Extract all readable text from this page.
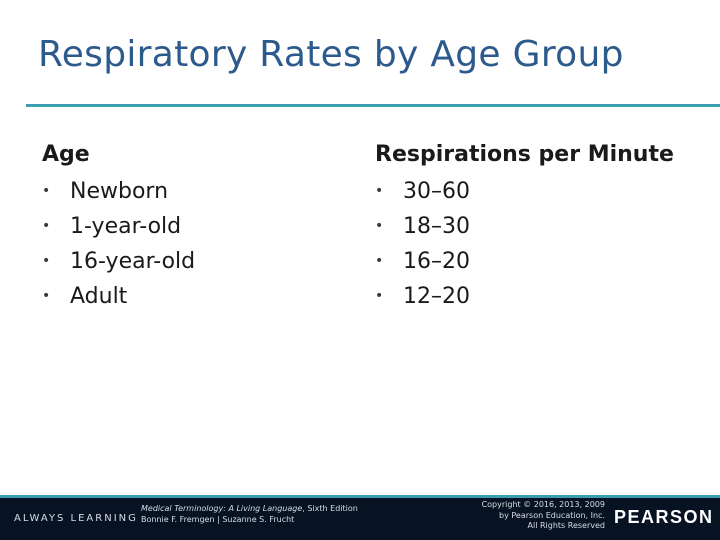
Respiratory Rates by Age Group
Age
• Newborn
• 1-year-old
• 16-year-old
• Adult
Respirations per Minute
• 30–60
• 18–30
• 16–20
• 12–20
ALWAYS LEARNING
Medical Terminology: A Living Language, Sixth Edition
Bonnie F. Fremgen | Suzanne S. Frucht
Copyright © 2016, 2013, 2009
by Pearson Education, Inc.
All Rights Reserved PEARSON
